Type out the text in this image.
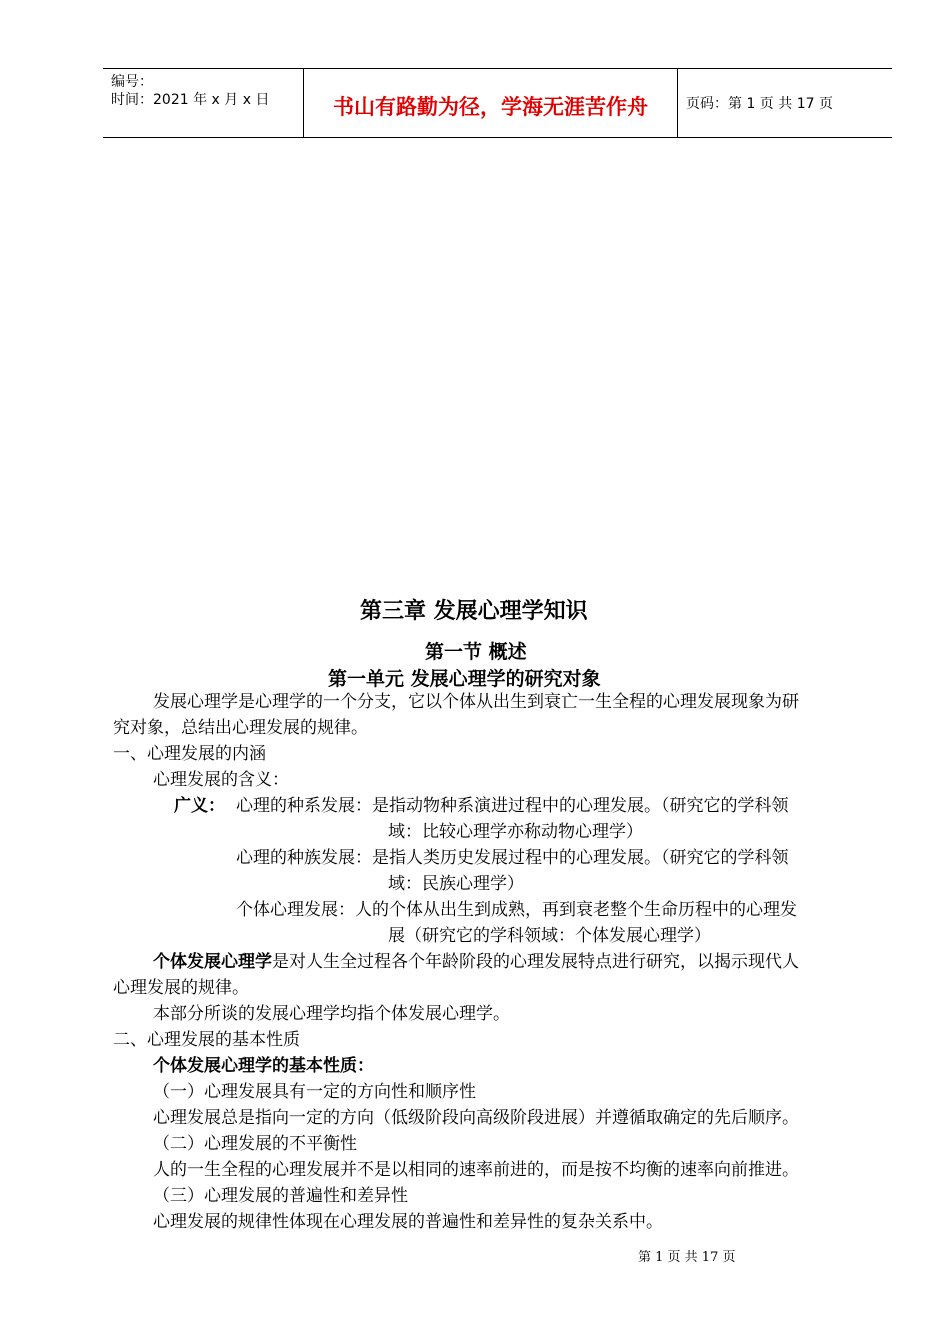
编号：
时间：2021 年 x 月 x 日	书山有路勤为径，学海无涯苦作舟	页码：第 1 页 共 17 页
第三章 发展心理学知识
第一节 概述
第一单元 发展心理学的研究对象
发展心理学是心理学的一个分支，它以个体从出生到衰亡一生全程的心理发展现象为研
究对象，总结出心理发展的规律。
一、心理发展的内涵
心理发展的含义：
广义： 心理的种系发展：是指动物种系演进过程中的心理发展。（研究它的学科领
域：比较心理学亦称动物心理学）
心理的种族发展：是指人类历史发展过程中的心理发展。（研究它的学科领
域：民族心理学）
个体心理发展：人的个体从出生到成熟，再到衰老整个生命历程中的心理发
展（研究它的学科领域：个体发展心理学）
个体发展心理学是对人生全过程各个年龄阶段的心理发展特点进行研究，以揭示现代人
心理发展的规律。
本部分所谈的发展心理学均指个体发展心理学。
二、心理发展的基本性质
个体发展心理学的基本性质：
（一）心理发展具有一定的方向性和顺序性
心理发展总是指向一定的方向（低级阶段向高级阶段进展）并遵循取确定的先后顺序。
（二）心理发展的不平衡性
人的一生全程的心理发展并不是以相同的速率前进的，而是按不均衡的速率向前推进。
（三）心理发展的普遍性和差异性
心理发展的规律性体现在心理发展的普遍性和差异性的复杂关系中。
第 1 页 共 17 页
